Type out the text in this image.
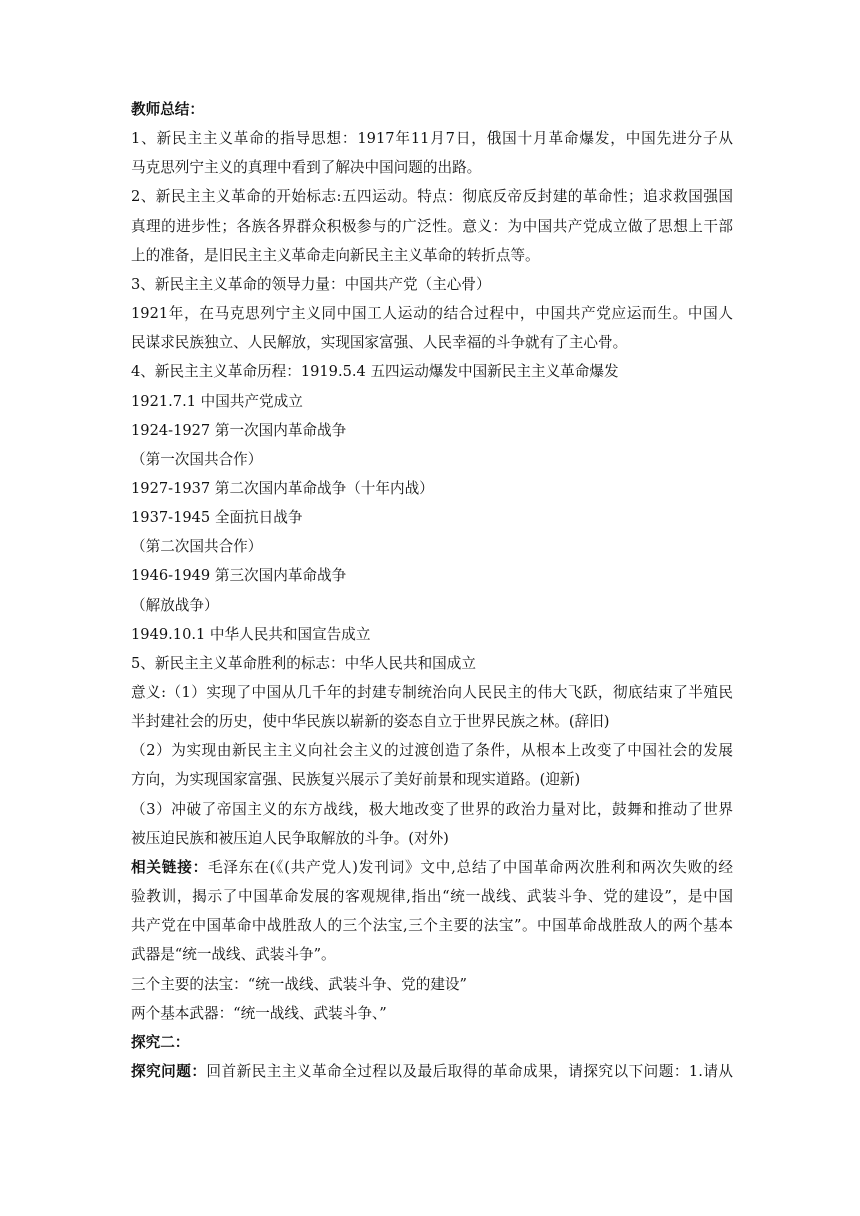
教师总结：
1、新民主主义革命的指导思想：1917年11月7日，俄国十月革命爆发，中国先进分子从
马克思列宁主义的真理中看到了解决中国问题的出路。
2、新民主主义革命的开始标志:五四运动。特点：彻底反帝反封建的革命性；追求救国强国
真理的进步性；各族各界群众积极参与的广泛性。意义：为中国共产党成立做了思想上干部
上的准备，是旧民主主义革命走向新民主主义革命的转折点等。
3、新民主主义革命的领导力量：中国共产党（主心骨）
1921年，在马克思列宁主义同中国工人运动的结合过程中，中国共产党应运而生。中国人
民谋求民族独立、人民解放，实现国家富强、人民幸福的斗争就有了主心骨。
4、新民主主义革命历程：1919.5.4 五四运动爆发中国新民主主义革命爆发
1921.7.1 中国共产党成立
1924-1927 第一次国内革命战争
（第一次国共合作）
1927-1937 第二次国内革命战争（十年内战）
1937-1945 全面抗日战争
（第二次国共合作）
1946-1949 第三次国内革命战争
（解放战争）
1949.10.1 中华人民共和国宣告成立
5、新民主主义革命胜利的标志：中华人民共和国成立
意义:（1）实现了中国从几千年的封建专制统治向人民民主的伟大飞跃，彻底结束了半殖民
半封建社会的历史，使中华民族以崭新的姿态自立于世界民族之林。(辞旧)
（2）为实现由新民主主义向社会主义的过渡创造了条件，从根本上改变了中国社会的发展
方向，为实现国家富强、民族复兴展示了美好前景和现实道路。(迎新)
（3）冲破了帝国主义的东方战线，极大地改变了世界的政治力量对比，鼓舞和推动了世界
被压迫民族和被压迫人民争取解放的斗争。(对外)
相关链接：毛泽东在(《(共产党人)发刊词》文中,总结了中国革命两次胜利和两次失败的经
验教训，揭示了中国革命发展的客观规律,指出“统一战线、武装斗争、党的建设”，是中国
共产党在中国革命中战胜敌人的三个法宝,三个主要的法宝”。中国革命战胜敌人的两个基本
武器是“统一战线、武装斗争”。
三个主要的法宝：“统一战线、武装斗争、党的建设”
两个基本武器：“统一战线、武装斗争、”
探究二：
探究问题：回首新民主主义革命全过程以及最后取得的革命成果，请探究以下问题：1.请从
